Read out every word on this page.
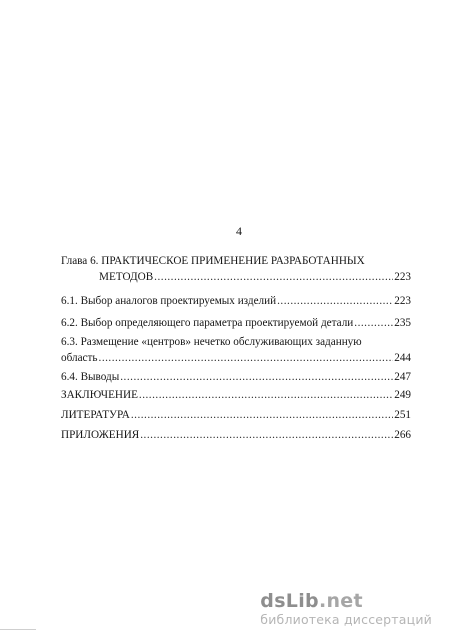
4
Глава 6. ПРАКТИЧЕСКОЕ ПРИМЕНЕНИЕ РАЗРАБОТАННЫХ
МЕТОДОВ .....	223
6.1. Выбор аналогов проектируемых изделий .....	223
6.2. Выбор определяющего параметра проектируемой детали .....	235
6.3. Размещение «центров» нечетко обслуживающих заданную
область .....	244
6.4. Выводы .....	247
ЗАКЛЮЧЕНИЕ .....	249
ЛИТЕРАТУРА .....	251
ПРИЛОЖЕНИЯ .....	266
dsLib.net
библиотека диссертаций
